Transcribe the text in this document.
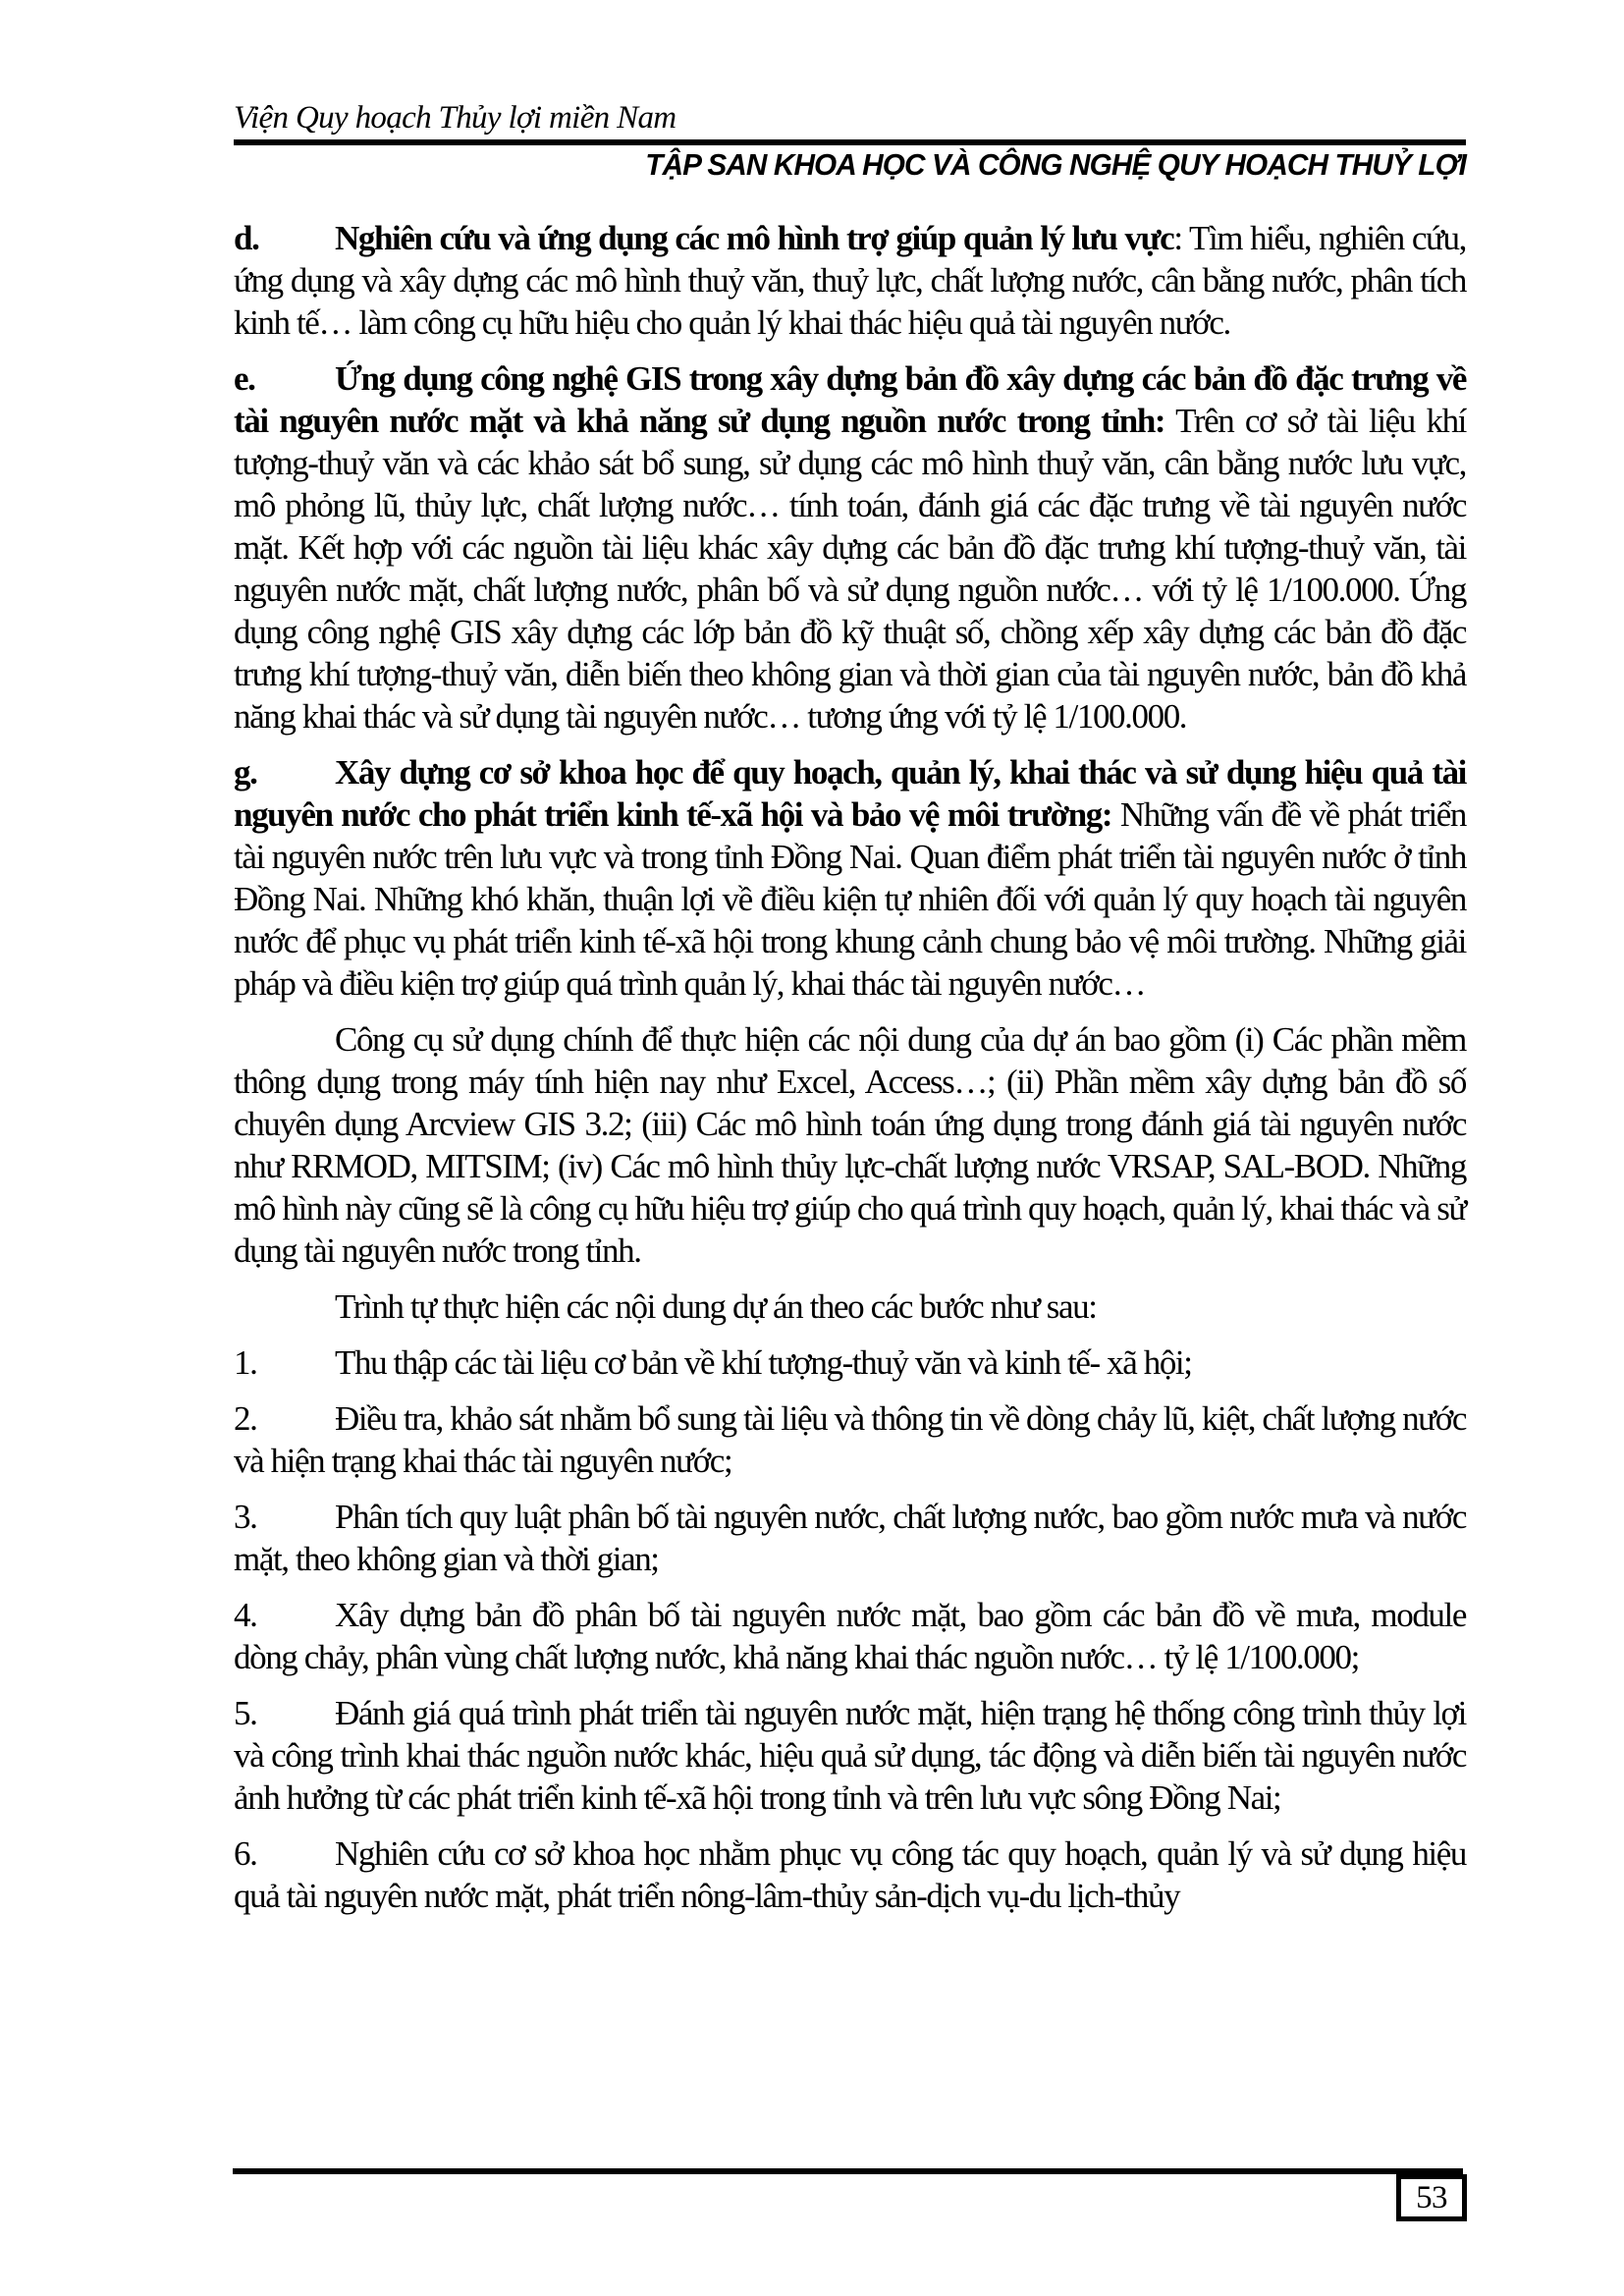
Viện Quy hoạch Thủy lợi miền Nam
TẬP SAN KHOA HỌC VÀ CÔNG NGHỆ QUY HOẠCH THUỶ LỢI

d. Nghiên cứu và ứng dụng các mô hình trợ giúp quản lý lưu vực: Tìm hiểu, nghiên cứu, ứng dụng và xây dựng các mô hình thuỷ văn, thuỷ lực, chất lượng nước, cân bằng nước, phân tích kinh tế… làm công cụ hữu hiệu cho quản lý khai thác hiệu quả tài nguyên nước.

e. Ứng dụng công nghệ GIS trong xây dựng bản đồ xây dựng các bản đồ đặc trưng về tài nguyên nước mặt và khả năng sử dụng nguồn nước trong tỉnh: Trên cơ sở tài liệu khí tượng-thuỷ văn và các khảo sát bổ sung, sử dụng các mô hình thuỷ văn, cân bằng nước lưu vực, mô phỏng lũ, thủy lực, chất lượng nước… tính toán, đánh giá các đặc trưng về tài nguyên nước mặt. Kết hợp với các nguồn tài liệu khác xây dựng các bản đồ đặc trưng khí tượng-thuỷ văn, tài nguyên nước mặt, chất lượng nước, phân bố và sử dụng nguồn nước… với tỷ lệ 1/100.000. Ứng dụng công nghệ GIS xây dựng các lớp bản đồ kỹ thuật số, chồng xếp xây dựng các bản đồ đặc trưng khí tượng-thuỷ văn, diễn biến theo không gian và thời gian của tài nguyên nước, bản đồ khả năng khai thác và sử dụng tài nguyên nước… tương ứng với tỷ lệ 1/100.000.

g. Xây dựng cơ sở khoa học để quy hoạch, quản lý, khai thác và sử dụng hiệu quả tài nguyên nước cho phát triển kinh tế-xã hội và bảo vệ môi trường: Những vấn đề về phát triển tài nguyên nước trên lưu vực và trong tỉnh Đồng Nai. Quan điểm phát triển tài nguyên nước ở tỉnh Đồng Nai. Những khó khăn, thuận lợi về điều kiện tự nhiên đối với quản lý quy hoạch tài nguyên nước để phục vụ phát triển kinh tế-xã hội trong khung cảnh chung bảo vệ môi trường. Những giải pháp và điều kiện trợ giúp quá trình quản lý, khai thác tài nguyên nước…

Công cụ sử dụng chính để thực hiện các nội dung của dự án bao gồm (i) Các phần mềm thông dụng trong máy tính hiện nay như Excel, Access…; (ii) Phần mềm xây dựng bản đồ số chuyên dụng Arcview GIS 3.2; (iii) Các mô hình toán ứng dụng trong đánh giá tài nguyên nước như RRMOD, MITSIM; (iv) Các mô hình thủy lực-chất lượng nước VRSAP, SAL-BOD. Những mô hình này cũng sẽ là công cụ hữu hiệu trợ giúp cho quá trình quy hoạch, quản lý, khai thác và sử dụng tài nguyên nước trong tỉnh.

Trình tự thực hiện các nội dung dự án theo các bước như sau:

1. Thu thập các tài liệu cơ bản về khí tượng-thuỷ văn và kinh tế- xã hội;

2. Điều tra, khảo sát nhằm bổ sung tài liệu và thông tin về dòng chảy lũ, kiệt, chất lượng nước và hiện trạng khai thác tài nguyên nước;

3. Phân tích quy luật phân bố tài nguyên nước, chất lượng nước, bao gồm nước mưa và nước mặt, theo không gian và thời gian;

4. Xây dựng bản đồ phân bố tài nguyên nước mặt, bao gồm các bản đồ về mưa, module dòng chảy, phân vùng chất lượng nước, khả năng khai thác nguồn nước… tỷ lệ 1/100.000;

5. Đánh giá quá trình phát triển tài nguyên nước mặt, hiện trạng hệ thống công trình thủy lợi và công trình khai thác nguồn nước khác, hiệu quả sử dụng, tác động và diễn biến tài nguyên nước ảnh hưởng từ các phát triển kinh tế-xã hội trong tỉnh và trên lưu vực sông Đồng Nai;

6. Nghiên cứu cơ sở khoa học nhằm phục vụ công tác quy hoạch, quản lý và sử dụng hiệu quả tài nguyên nước mặt, phát triển nông-lâm-thủy sản-dịch vụ-du lịch-thủy

53
